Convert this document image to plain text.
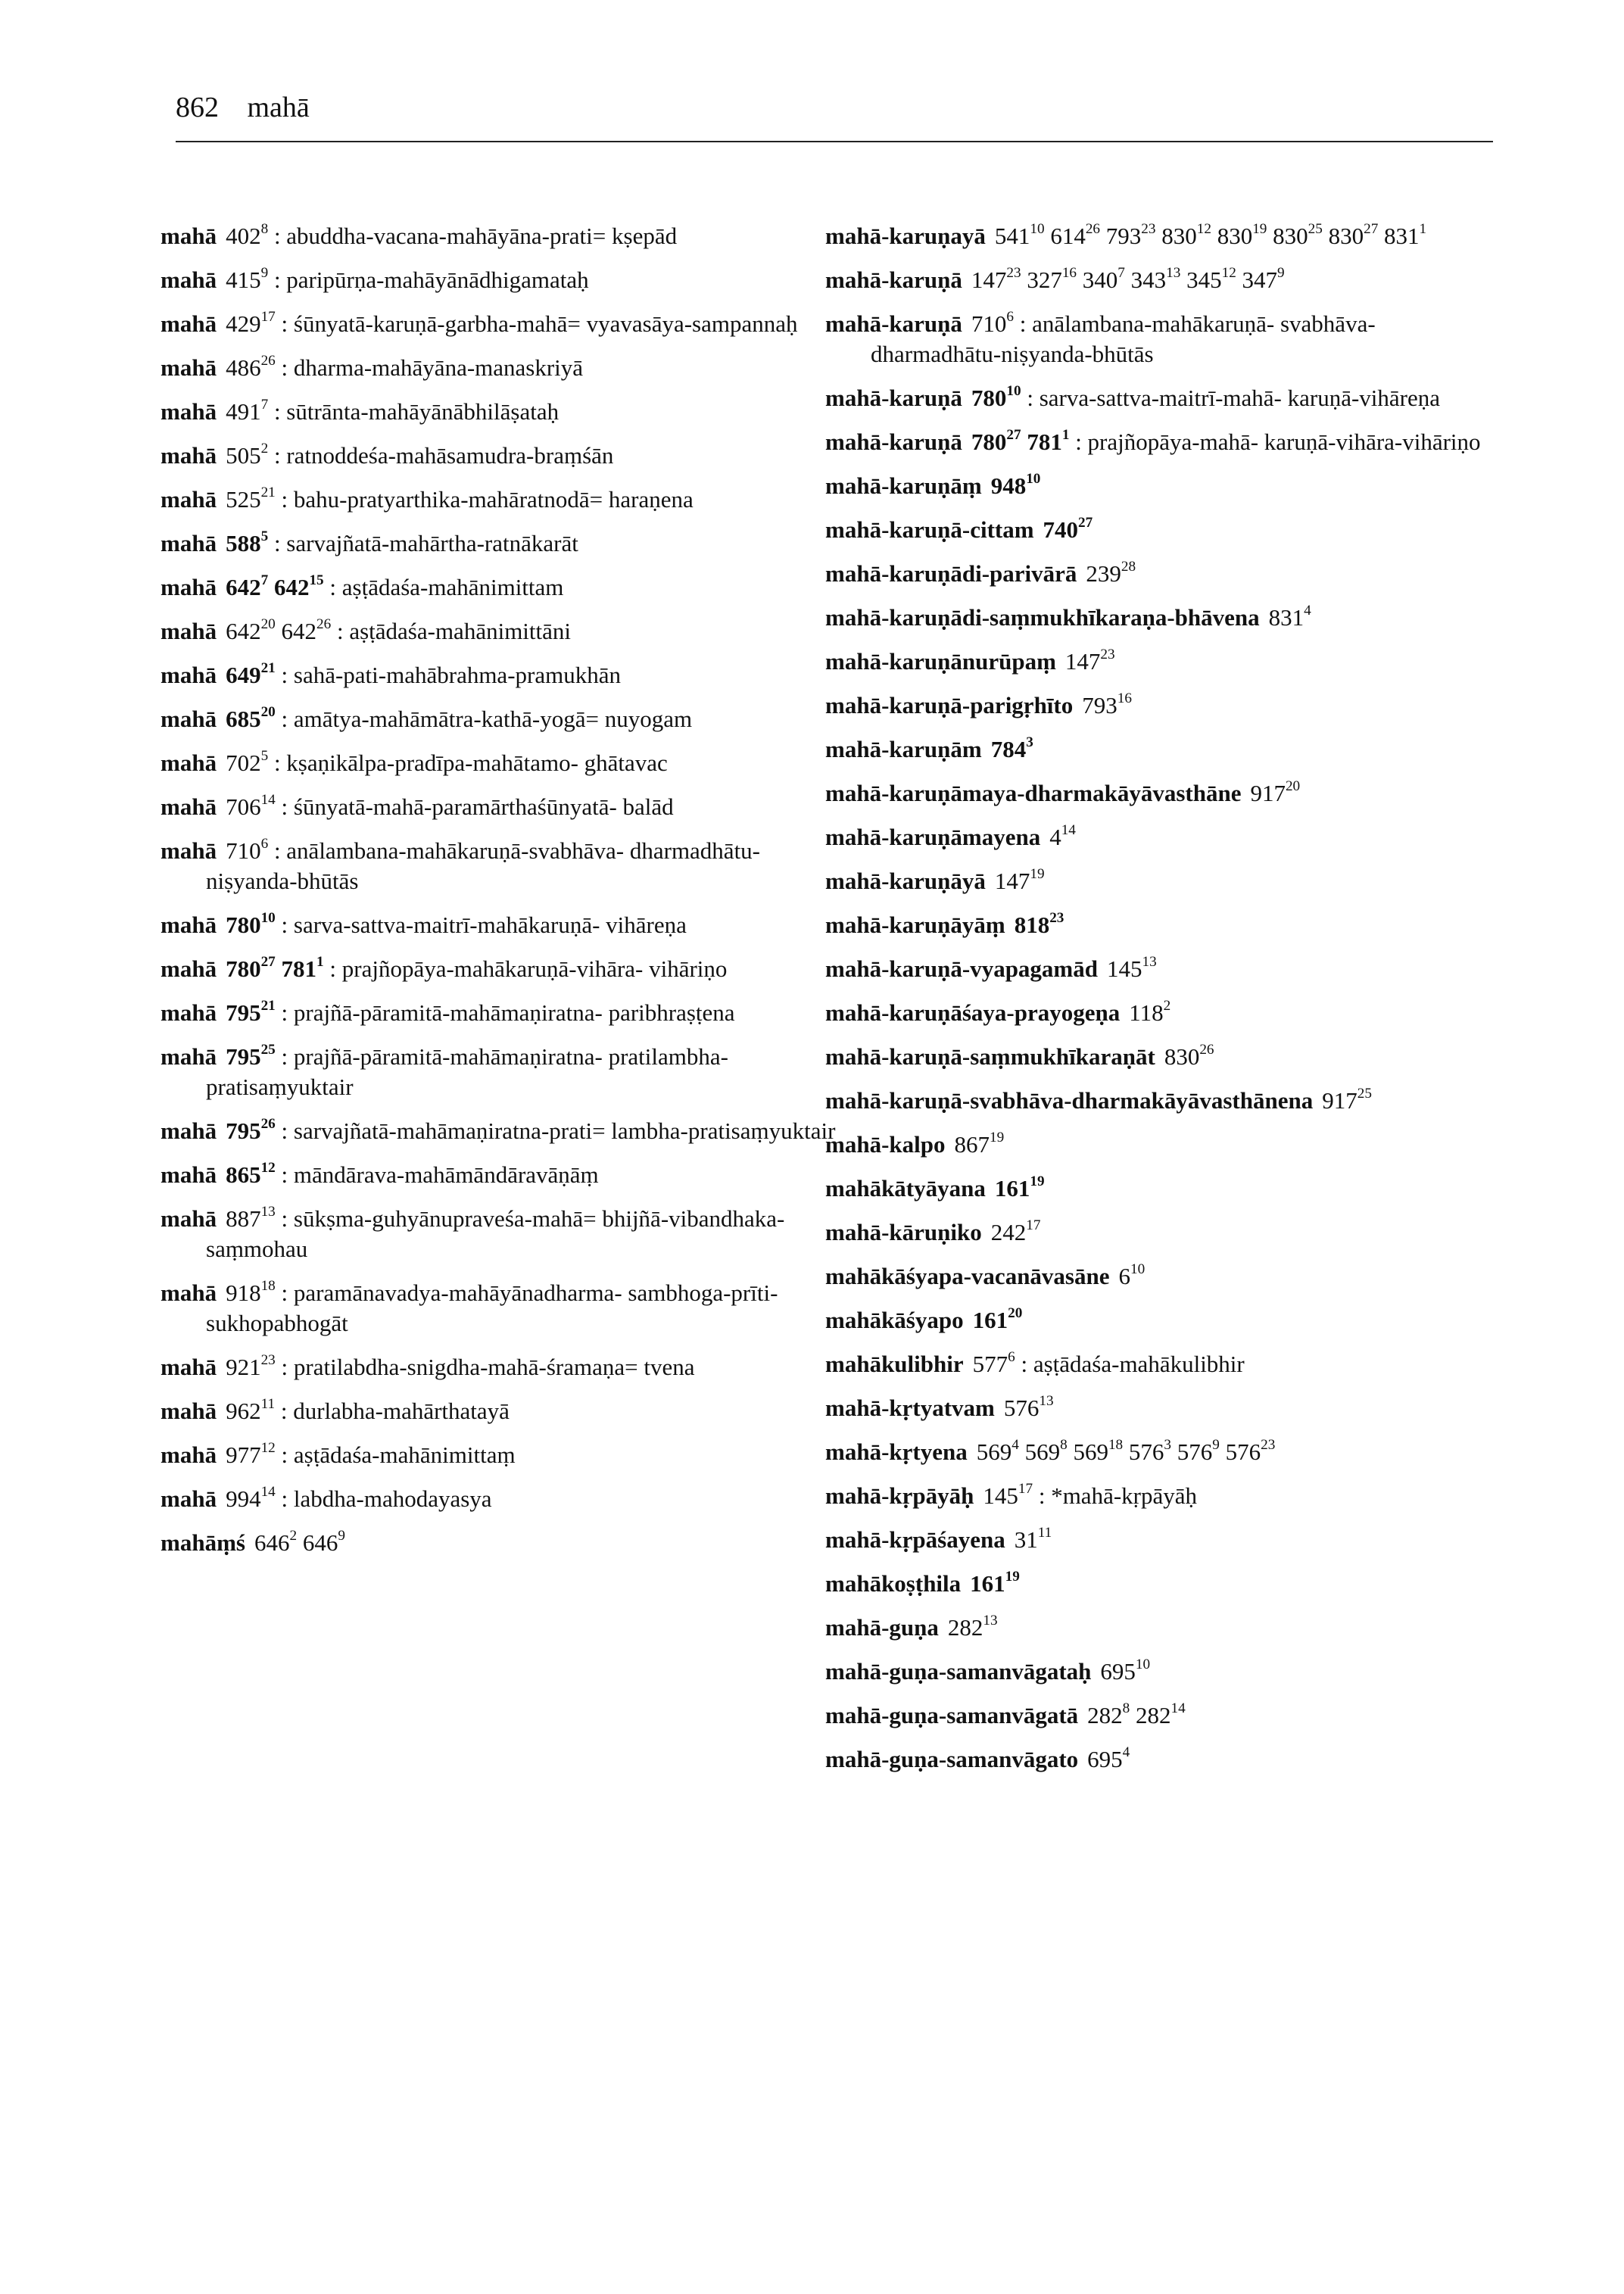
862 mahā
mahā $402^8$ : abuddha-vacana-mahāyāna-prati= kṣepād
mahā $415^9$ : paripūrṇa-mahāyānādhigamataḥ
mahā $429^{17}$ : śūnyatā-karuṇā-garbha-mahā= vyavasāya-sampannaḥ
mahā $486^{26}$ : dharma-mahāyāna-manaskriyā
mahā $491^7$ : sūtrānta-mahāyānābhilāṣataḥ
mahā $505^2$ : ratnoddeśa-mahāsamudra-braṃśān
mahā $525^{21}$ : bahu-pratyarthika-mahāratnodā= haraṇena
mahā $588^5$ : sarvajñatā-mahārtha-ratnākarāt
mahā $642^7$ $642^{15}$ : aṣṭādaśa-mahānimittam
mahā $642^{20}$ $642^{26}$ : aṣṭādaśa-mahānimittāni
mahā $649^{21}$ : sahā-pati-mahābrahma-pramukhān
mahā $685^{20}$ : amātya-mahāmātra-kathā-yogā= nuyogam
mahā $702^5$ : kṣaṇikālpa-pradīpa-mahātamo- ghātavac
mahā $706^{14}$ : śūnyatā-mahā-paramārthaśūnyatā- balād
mahā $710^6$ : anālambana-mahākaruṇā-svabhāva- dharmadhātu-niṣyanda-bhūtās
mahā $780^{10}$ : sarva-sattva-maitrī-mahākaruṇā- vihāreṇa
mahā $780^{27}$ $781^1$ : prajñopāya-mahākaruṇā-vihāra- vihāriṇo
mahā $795^{21}$ : prajñā-pāramitā-mahāmaṇiratna- paribhraṣṭena
mahā $795^{25}$ : prajñā-pāramitā-mahāmaṇiratna- pratilambha-pratisaṃyuktair
mahā $795^{26}$ : sarvajñatā-mahāmaṇiratna-prati= lambha-pratisaṃyuktair
mahā $865^{12}$ : māndārava-mahāmāndāravāṇāṃ
mahā $887^{13}$ : sūkṣma-guhyānupraveśa-mahā= bhijñā-vibandhaka-saṃmohau
mahā $918^{18}$ : paramānavadya-mahāyānadharma- sambhoga-prīti-sukhopabhogāt
mahā $921^{23}$ : pratilabdha-snigdha-mahā-śramaṇa= tvena
mahā $962^{11}$ : durlabha-mahārthatayā
mahā $977^{12}$ : aṣṭādaśa-mahānimittaṃ
mahā $994^{14}$ : labdha-mahodayasya
mahāṃś $646^2$ $646^9$
mahā-karuṇayā $541^{10}$ $614^{26}$ $793^{23}$ $830^{12}$ $830^{19}$ $830^{25}$ $830^{27}$ $831^1$
mahā-karuṇā $147^{23}$ $327^{16}$ $340^7$ $343^{13}$ $345^{12}$ $347^9$
mahā-karuṇā $710^6$ : anālambana-mahākaruṇā- svabhāva-dharmadhātu-niṣyanda-bhūtās
mahā-karuṇā $780^{10}$ : sarva-sattva-maitrī-mahā- karuṇā-vihāreṇa
mahā-karuṇā $780^{27}$ $781^1$ : prajñopāya-mahā- karuṇā-vihāra-vihāriṇo
mahā-karuṇāṃ $948^{10}$
mahā-karuṇā-cittam $740^{27}$
mahā-karuṇādi-parivārā $239^{28}$
mahā-karuṇādi-saṃmukhīkaraṇa-bhāvena $831^4$
mahā-karuṇānurūpaṃ $147^{23}$
mahā-karuṇā-parigṛhīto $793^{16}$
mahā-karuṇām $784^3$
mahā-karuṇāmaya-dharmakāyāvasthāne $917^{20}$
mahā-karuṇāmayena $4^{14}$
mahā-karuṇāyā $147^{19}$
mahā-karuṇāyāṃ $818^{23}$
mahā-karuṇā-vyapagamād $145^{13}$
mahā-karuṇāśaya-prayogeṇa $118^2$
mahā-karuṇā-saṃmukhīkaraṇāt $830^{26}$
mahā-karuṇā-svabhāva-dharmakāyāvasthānena $917^{25}$
mahā-kalpo $867^{19}$
mahākātyāyana $161^{19}$
mahā-kāruṇiko $242^{17}$
mahākāśyapa-vacanāvasāne $6^{10}$
mahākāśyapo $161^{20}$
mahākulibhir $577^6$ : aṣṭādaśa-mahākulibhir
mahā-kṛtyatvam $576^{13}$
mahā-kṛtyena $569^4$ $569^8$ $569^{18}$ $576^3$ $576^9$ $576^{23}$
mahā-kṛpāyāḥ $145^{17}$ : *mahā-kṛpāyāḥ
mahā-kṛpāśayena $31^{11}$
mahākoṣṭhila $161^{19}$
mahā-guṇa $282^{13}$
mahā-guṇa-samanvāgataḥ $695^{10}$
mahā-guṇa-samanvāgatā $282^8$ $282^{14}$
mahā-guṇa-samanvāgato $695^4$
